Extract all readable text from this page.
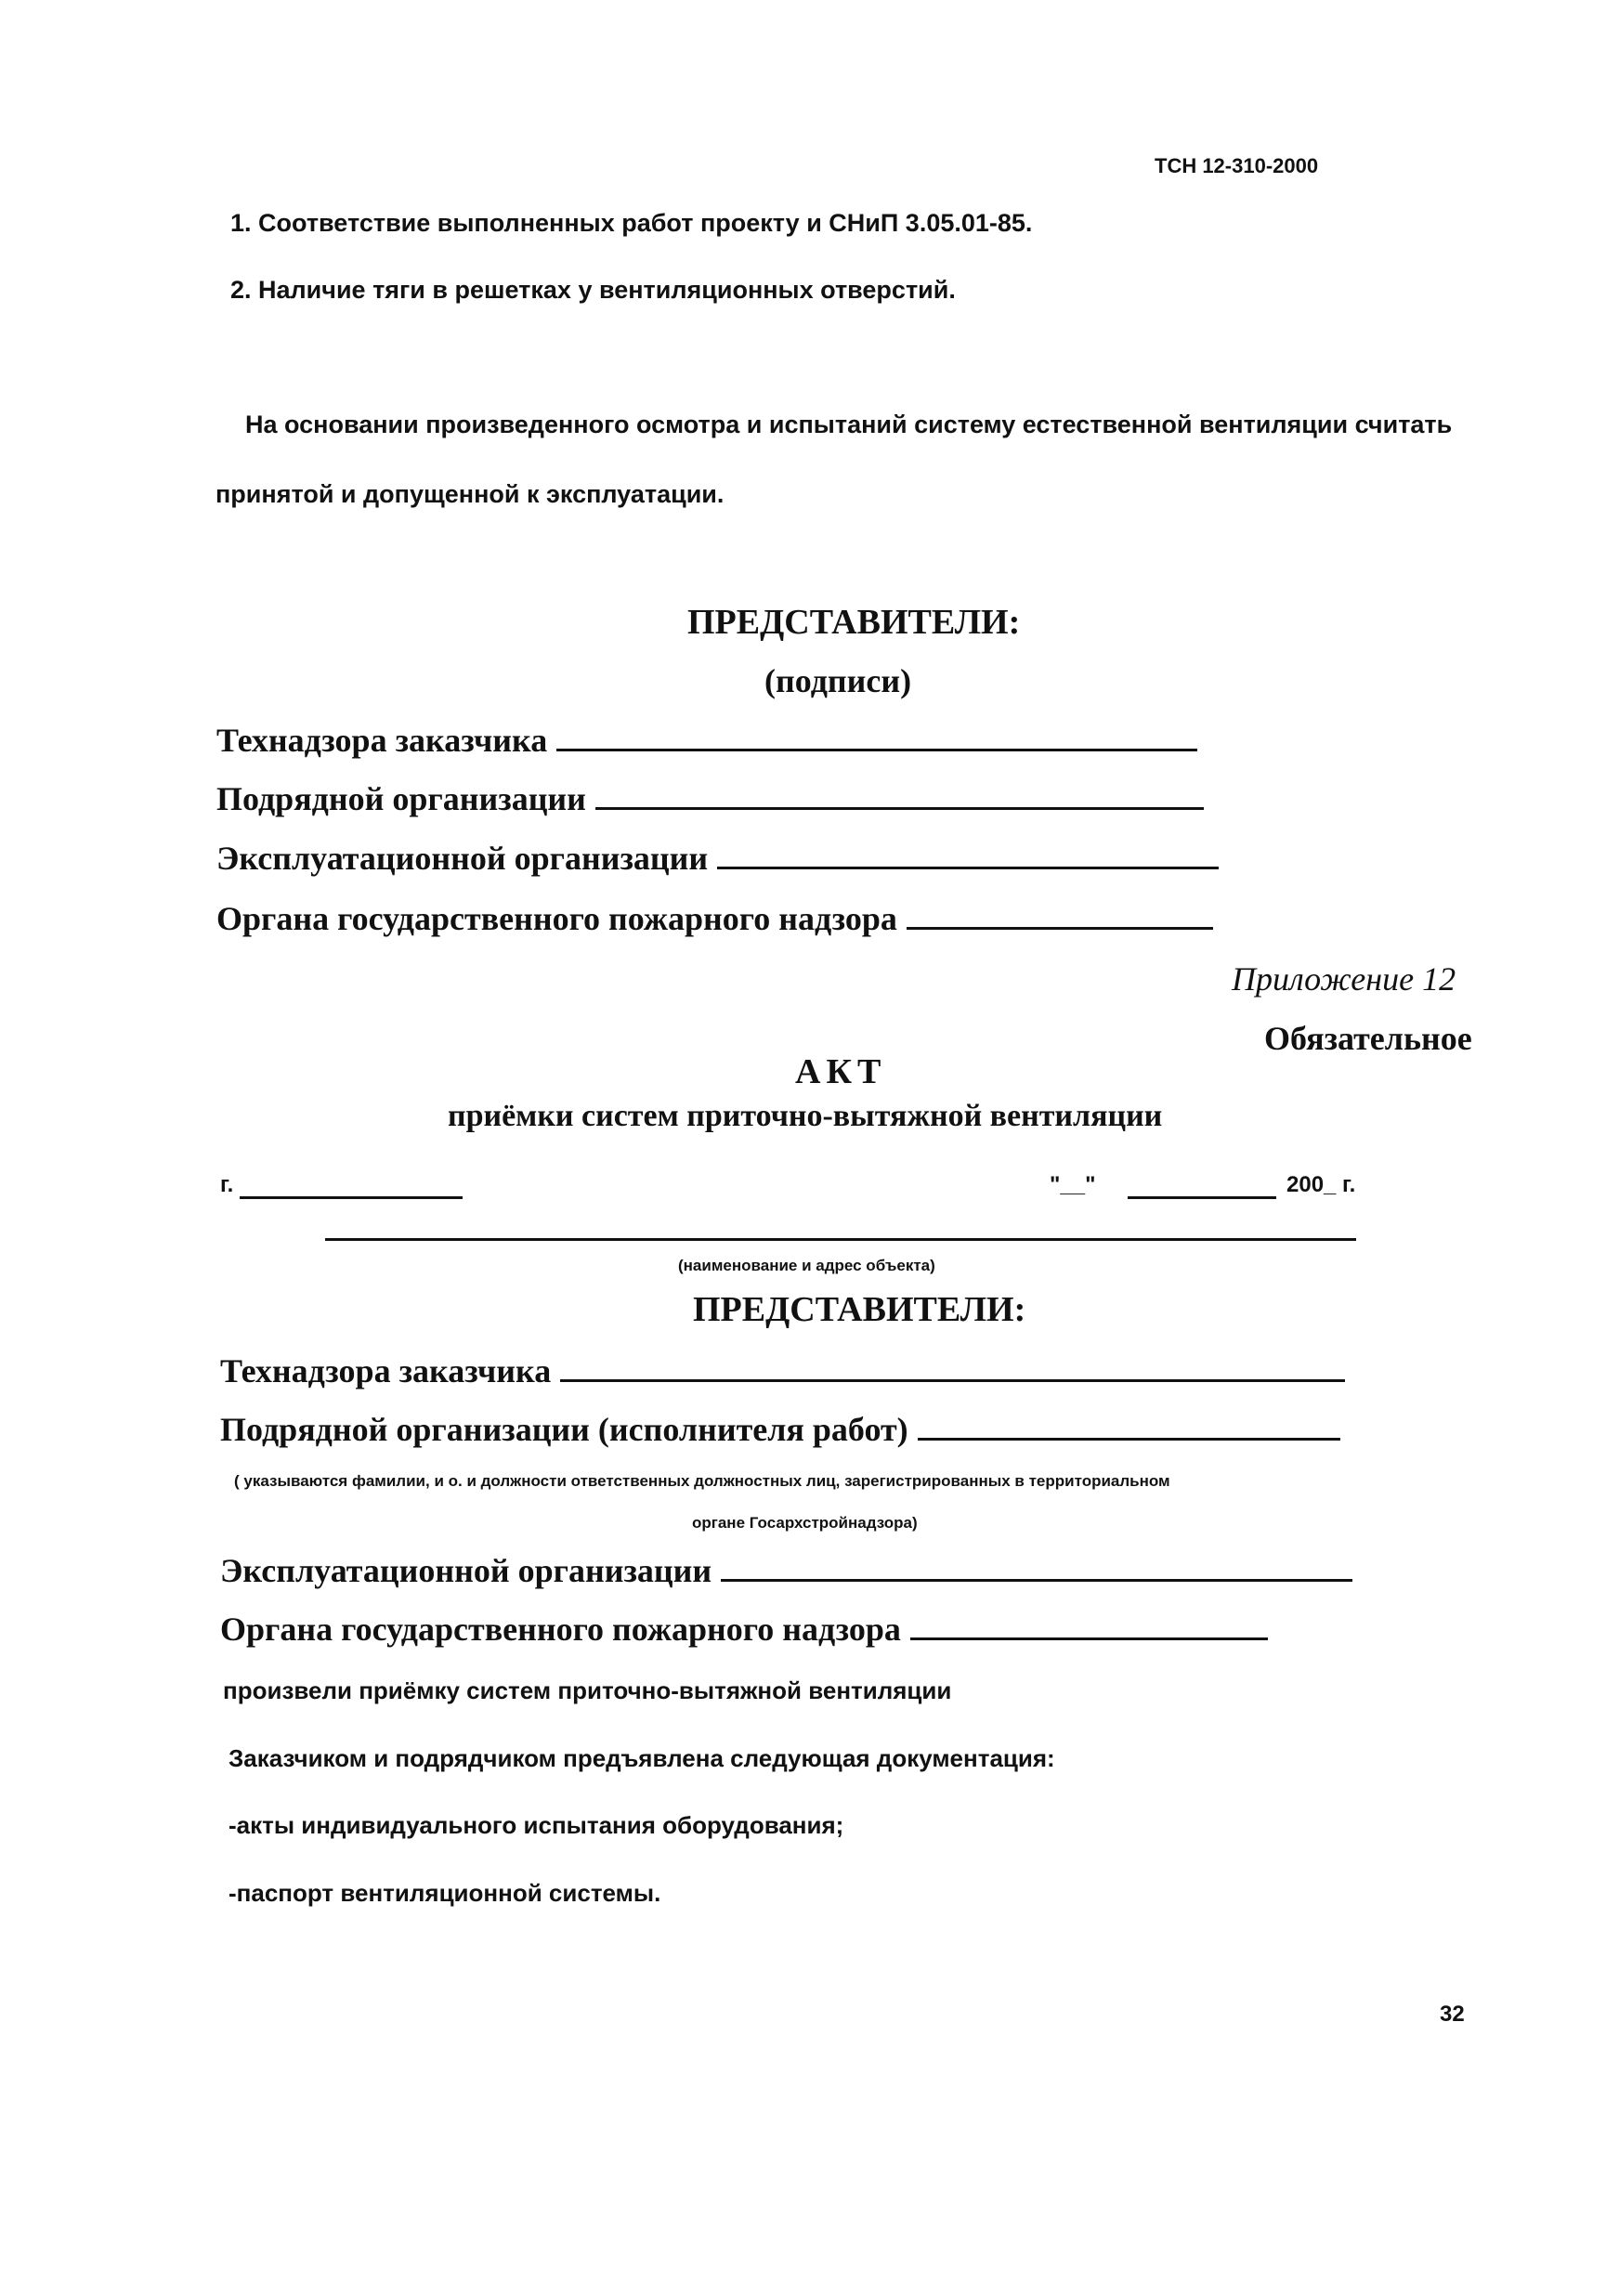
ТСН 12-310-2000
1. Соответствие выполненных работ проекту и СНиП 3.05.01-85.
2. Наличие тяги в решетках у вентиляционных отверстий.
На основании произведенного осмотра и испытаний систему естественной вентиляции считать
принятой и допущенной к эксплуатации.
ПРЕДСТАВИТЕЛИ:
(подписи)
Технадзора заказчика
Подрядной организации
Эксплуатационной организации
Органа государственного пожарного надзора
Приложение 12
Обязательное
АКТ
приёмки систем приточно-вытяжной вентиляции
г.	"__"	200_ г.
(наименование и адрес объекта)
ПРЕДСТАВИТЕЛИ:
Технадзора заказчика
Подрядной организации (исполнителя работ)
( указываются фамилии, и о. и должности ответственных должностных лиц, зарегистрированных в территориальном
органе Госархстройнадзора)
Эксплуатационной организации
Органа государственного пожарного надзора
произвели приёмку систем приточно-вытяжной вентиляции
Заказчиком и подрядчиком предъявлена следующая документация:
-акты индивидуального испытания оборудования;
-паспорт вентиляционной системы.
32
